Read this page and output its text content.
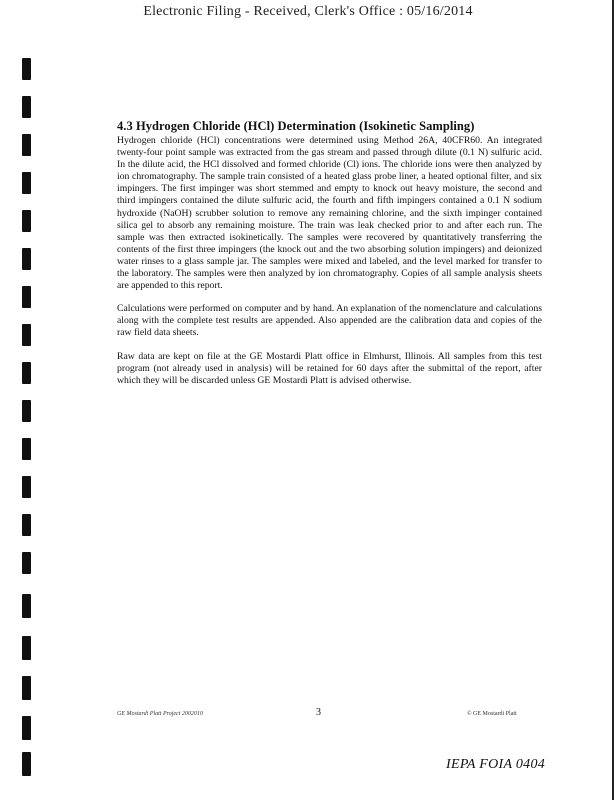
Electronic Filing - Received, Clerk's Office : 05/16/2014
4.3 Hydrogen Chloride (HCl) Determination (Isokinetic Sampling)

Hydrogen chloride (HCl) concentrations were determined using Method 26A, 40CFR60. An integrated twenty-four point sample was extracted from the gas stream and passed through dilute (0.1 N) sulfuric acid. In the dilute acid, the HCl dissolved and formed chloride (Cl) ions. The chloride ions were then analyzed by ion chromatography. The sample train consisted of a heated glass probe liner, a heated optional filter, and six impingers. The first impinger was short stemmed and empty to knock out heavy moisture, the second and third impingers contained the dilute sulfuric acid, the fourth and fifth impingers contained a 0.1 N sodium hydroxide (NaOH) scrubber solution to remove any remaining chlorine, and the sixth impinger contained silica gel to absorb any remaining moisture. The train was leak checked prior to and after each run. The sample was then extracted isokinetically. The samples were recovered by quantitatively transferring the contents of the first three impingers (the knock out and the two absorbing solution impingers) and deionized water rinses to a glass sample jar. The samples were mixed and labeled, and the level marked for transfer to the laboratory. The samples were then analyzed by ion chromatography. Copies of all sample analysis sheets are appended to this report.

Calculations were performed on computer and by hand. An explanation of the nomenclature and calculations along with the complete test results are appended. Also appended are the calibration data and copies of the raw field data sheets.

Raw data are kept on file at the GE Mostardi Platt office in Elmhurst, Illinois. All samples from this test program (not already used in analysis) will be retained for 60 days after the submittal of the report, after which they will be discarded unless GE Mostardi Platt is advised otherwise.

GE Mostardi Platt Project 2002010	3	© GE Mostardi Platt
IEPA FOIA 0404
